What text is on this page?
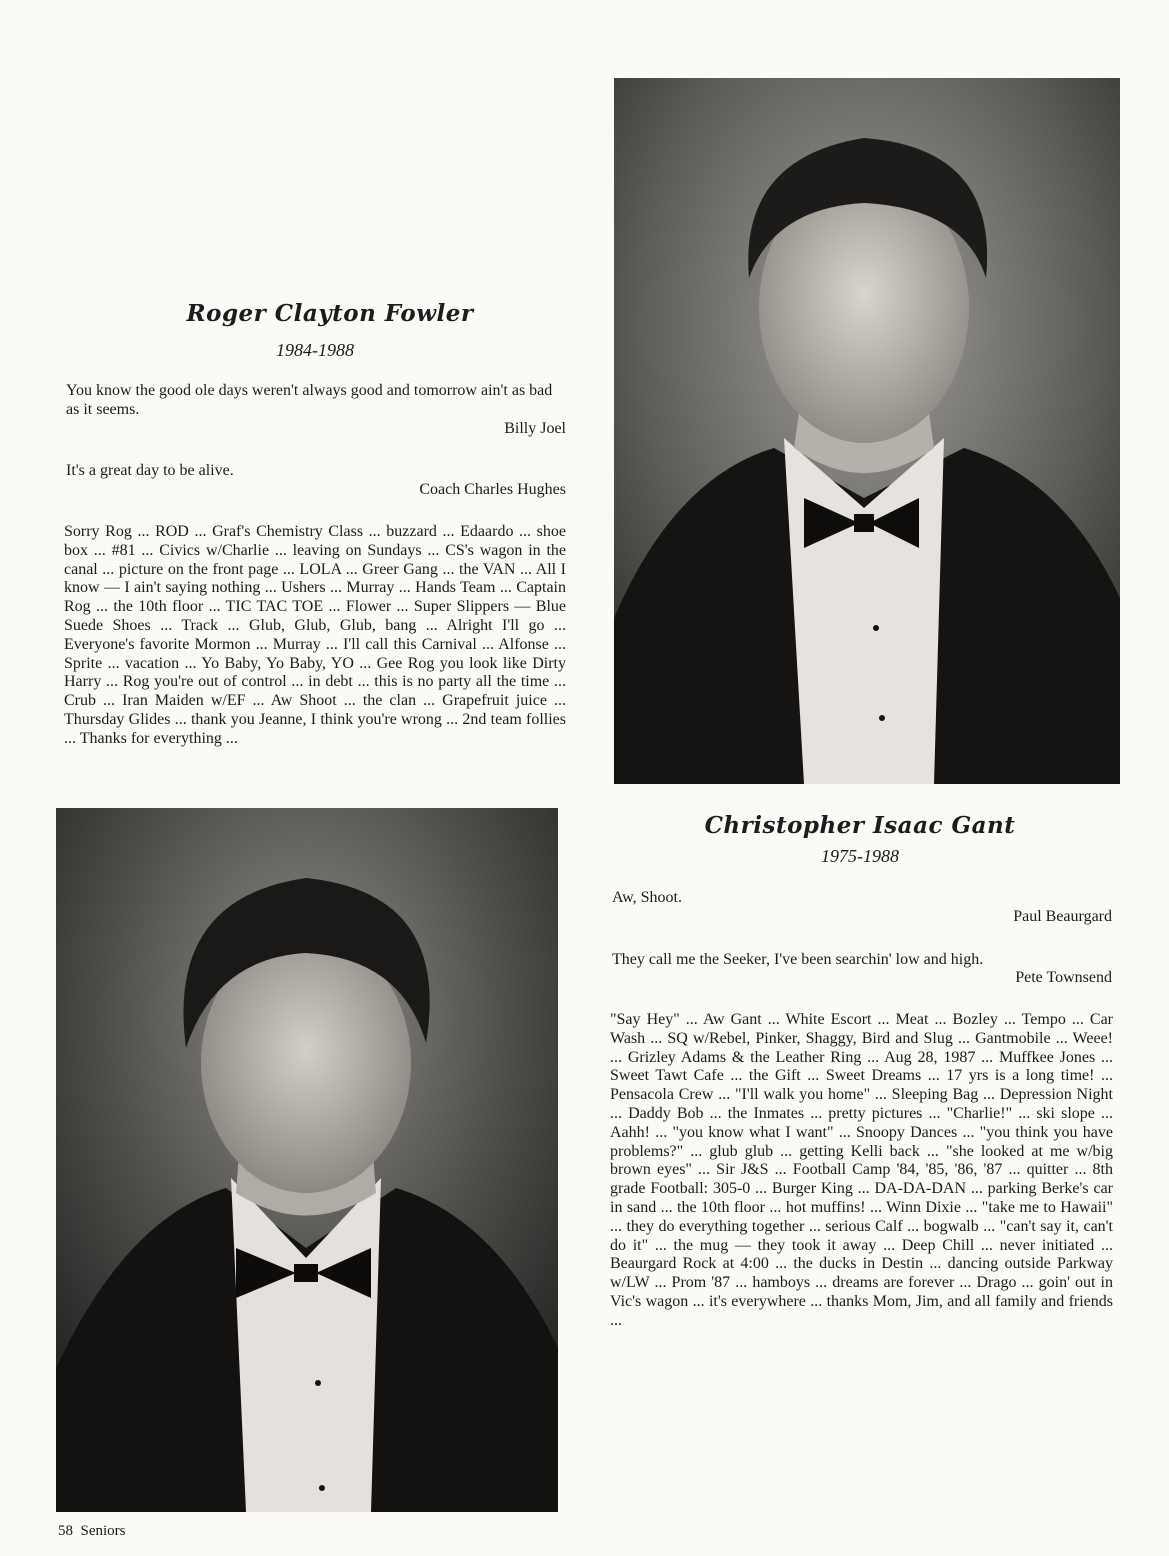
Roger Clayton Fowler
1984-1988
You know the good ole days weren't always good and tomorrow ain't as bad as it seems.
Billy Joel
It's a great day to be alive.
Coach Charles Hughes
Sorry Rog ... ROD ... Graf's Chemistry Class ... buzzard ... Edaardo ... shoe box ... #81 ... Civics w/Charlie ... leaving on Sundays ... CS's wagon in the canal ... picture on the front page ... LOLA ... Greer Gang ... the VAN ... All I know — I ain't saying nothing ... Ushers ... Murray ... Hands Team ... Captain Rog ... the 10th floor ... TIC TAC TOE ... Flower ... Super Slippers — Blue Suede Shoes ... Track ... Glub, Glub, Glub, bang ... Alright I'll go ... Everyone's favorite Mormon ... Murray ... I'll call this Carnival ... Alfonse ... Sprite ... vacation ... Yo Baby, Yo Baby, YO ... Gee Rog you look like Dirty Harry ... Rog you're out of control ... in debt ... this is no party all the time ... Crub ... Iran Maiden w/EF ... Aw Shoot ... the clan ... Grapefruit juice ... Thursday Glides ... thank you Jeanne, I think you're wrong ... 2nd team follies ... Thanks for everything ...
Christopher Isaac Gant
1975-1988
Aw, Shoot.
Paul Beaurgard
They call me the Seeker, I've been searchin' low and high.
Pete Townsend
"Say Hey" ... Aw Gant ... White Escort ... Meat ... Bozley ... Tempo ... Car Wash ... SQ w/Rebel, Pinker, Shaggy, Bird and Slug ... Gantmobile ... Weee! ... Grizley Adams & the Leather Ring ... Aug 28, 1987 ... Muffkee Jones ... Sweet Tawt Cafe ... the Gift ... Sweet Dreams ... 17 yrs is a long time! ... Pensacola Crew ... "I'll walk you home" ... Sleeping Bag ... Depression Night ... Daddy Bob ... the Inmates ... pretty pictures ... "Charlie!" ... ski slope ... Aahh! ... "you know what I want" ... Snoopy Dances ... "you think you have problems?" ... glub glub ... getting Kelli back ... "she looked at me w/big brown eyes" ... Sir J&S ... Football Camp '84, '85, '86, '87 ... quitter ... 8th grade Football: 305-0 ... Burger King ... DA-DA-DAN ... parking Berke's car in sand ... the 10th floor ... hot muffins! ... Winn Dixie ... "take me to Hawaii" ... they do everything together ... serious Calf ... bogwalb ... "can't say it, can't do it" ... the mug — they took it away ... Deep Chill ... never initiated ... Beaurgard Rock at 4:00 ... the ducks in Destin ... dancing outside Parkway w/LW ... Prom '87 ... hamboys ... dreams are forever ... Drago ... goin' out in Vic's wagon ... it's everywhere ... thanks Mom, Jim, and all family and friends ...
58 Seniors
